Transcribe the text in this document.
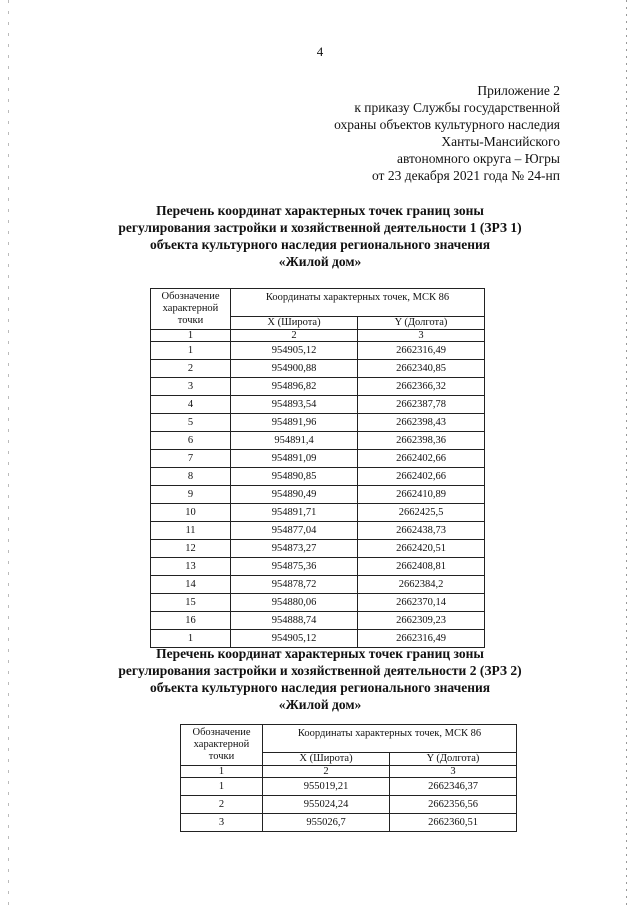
4
Приложение 2
к приказу Службы государственной
охраны объектов культурного наследия
Ханты-Мансийского
автономного округа – Югры
от 23 декабря 2021 года № 24-нп
Перечень координат характерных точек границ зоны
регулирования застройки и хозяйственной деятельности 1 (ЗРЗ 1)
объекта культурного наследия регионального значения
«Жилой дом»
Обозначение характерной точки	Координаты характерных точек, МСК 86	
	X (Широта)	Y (Долгота)
1	2	3
1	954905,12	2662316,49
2	954900,88	2662340,85
3	954896,82	2662366,32
4	954893,54	2662387,78
5	954891,96	2662398,43
6	954891,4	2662398,36
7	954891,09	2662402,66
8	954890,85	2662402,66
9	954890,49	2662410,89
10	954891,71	2662425,5
11	954877,04	2662438,73
12	954873,27	2662420,51
13	954875,36	2662408,81
14	954878,72	2662384,2
15	954880,06	2662370,14
16	954888,74	2662309,23
1	954905,12	2662316,49
Перечень координат характерных точек границ зоны
регулирования застройки и хозяйственной деятельности 2 (ЗРЗ 2)
объекта культурного наследия регионального значения
«Жилой дом»
Обозначение характерной точки	Координаты характерных точек, МСК 86	
	X (Широта)	Y (Долгота)
1	2	3
1	955019,21	2662346,37
2	955024,24	2662356,56
3	955026,7	2662360,51
